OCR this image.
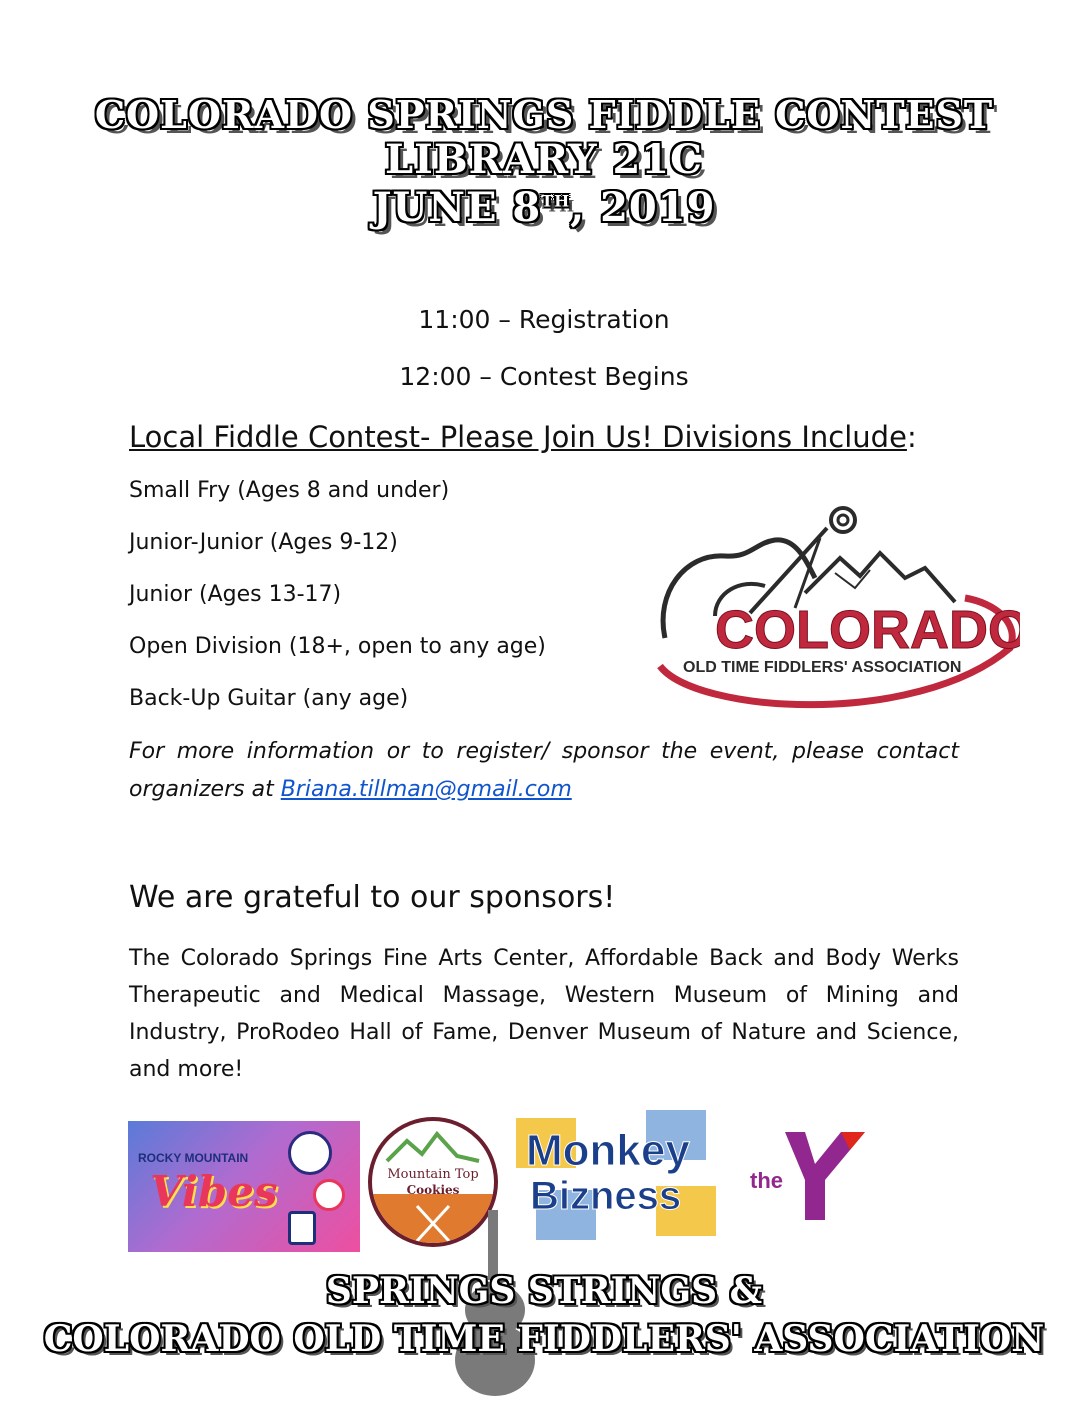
COLORADO SPRINGS FIDDLE CONTEST
LIBRARY 21C
JUNE 8TH, 2019
11:00 – Registration
12:00 – Contest Begins
Local Fiddle Contest- Please Join Us! Divisions Include:
Small Fry (Ages 8 and under)
Junior-Junior (Ages 9-12)
Junior (Ages 13-17)
Open Division (18+, open to any age)
Back-Up Guitar (any age)
COLORADO
OLD TIME FIDDLERS' ASSOCIATION
For more information or to register/ sponsor the event, please contact organizers at Briana.tillman@gmail.com
We are grateful to our sponsors!
The Colorado Springs Fine Arts Center, Affordable Back and Body Werks Therapeutic and Medical Massage, Western Museum of Mining and Industry, ProRodeo Hall of Fame, Denver Museum of Nature and Science, and more!
ROCKY MOUNTAIN
Vibes	Mountain Top
Cookies
Monkey
Bizness	the
YMCA
SPRINGS STRINGS &
COLORADO OLD TIME FIDDLERS' ASSOCIATION
